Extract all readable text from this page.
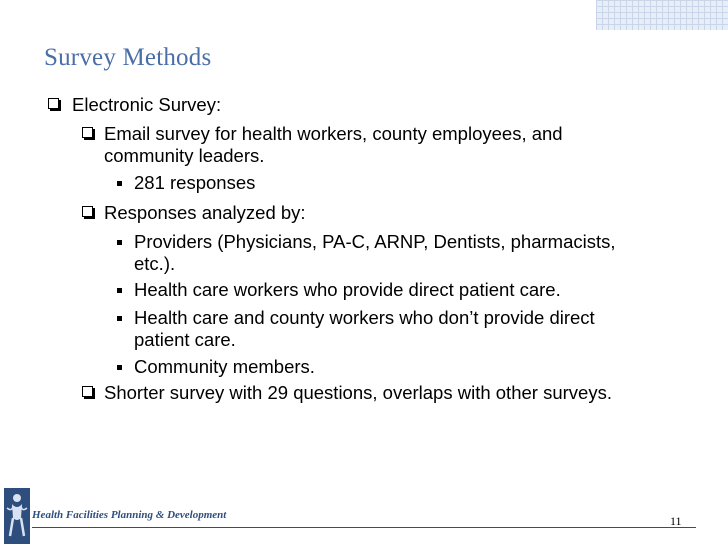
Survey Methods
Electronic Survey:
Email survey for health workers, county employees, and
community leaders.
281 responses
Responses analyzed by:
Providers (Physicians, PA-C, ARNP, Dentists, pharmacists,
etc.).
Health care workers who provide direct patient care.
Health care and county workers who don’t provide direct
patient care.
Community members.
Shorter survey with 29 questions, overlaps with other surveys.
Health Facilities Planning & Development	11
